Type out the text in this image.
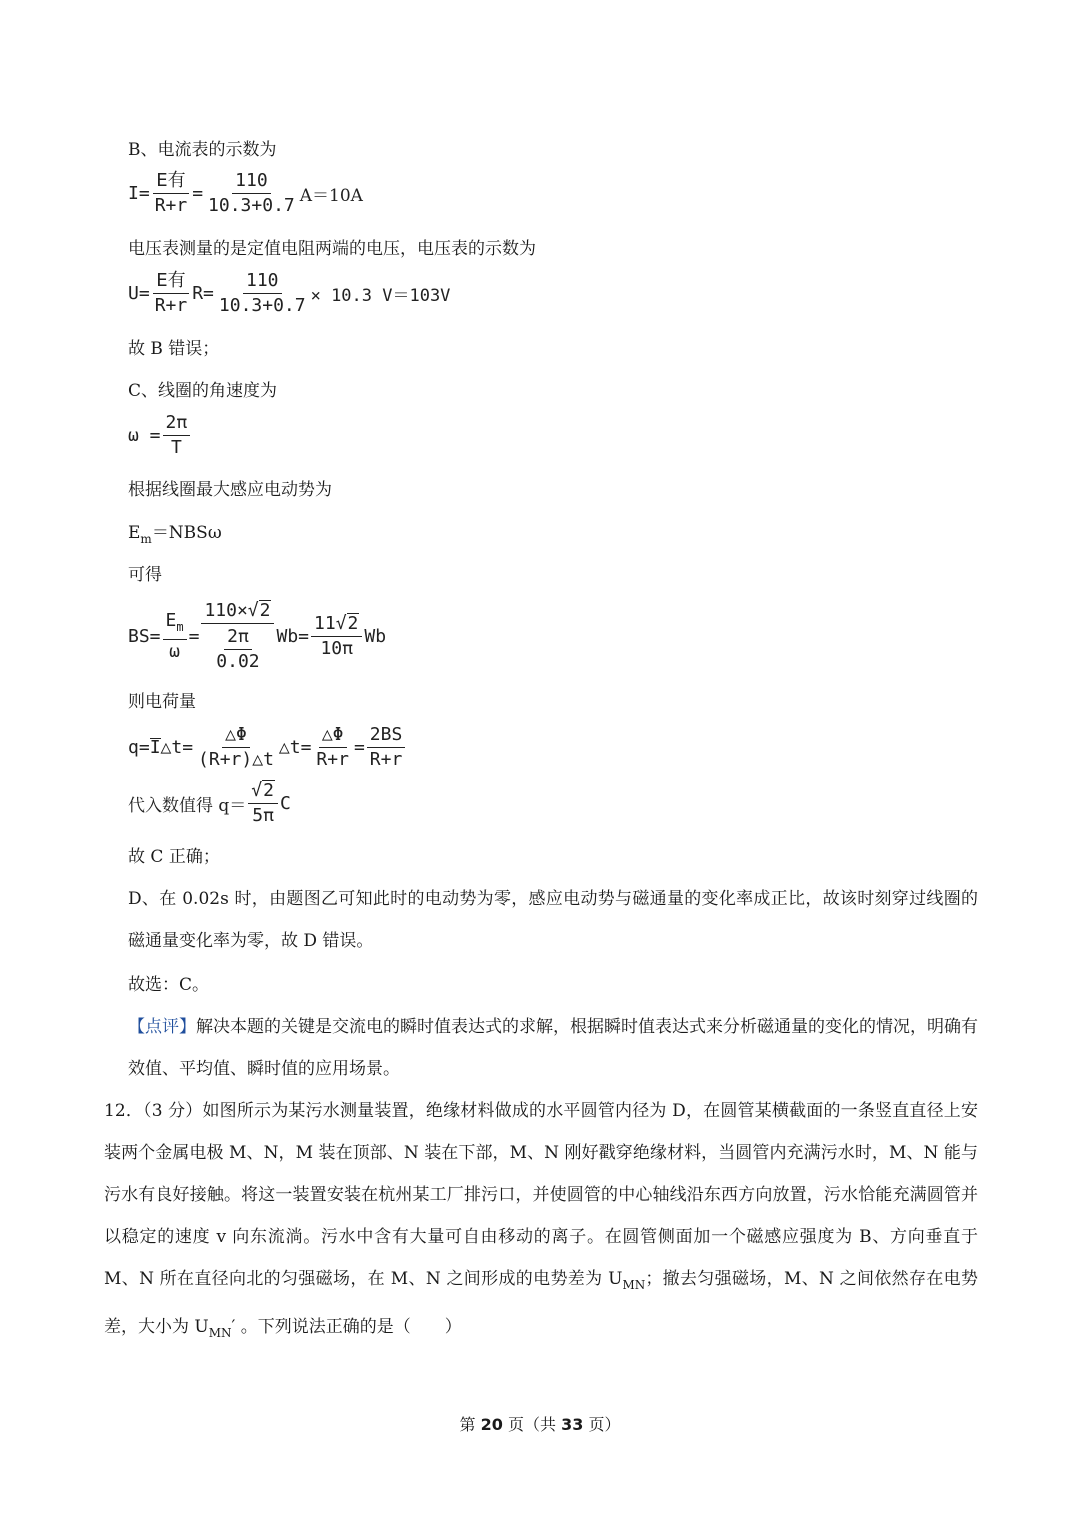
B、电流表的示数为
$I= \frac{\text{E有}}{R+r} = \frac{110}{10.3+0.7} A=10A$
电压表测量的是定值电阻两端的电压，电压表的示数为
$U= \frac{\text{E有}}{R+r} R= \frac{110}{10.3+0.7} \times 10.3$ V＝103V
故 B 错误；
C、线圈的角速度为
$\omega = \frac{2\pi}{T}$
根据线圈最大感应电动势为
$E_m=NBS\omega$
可得
$BS= \frac{E_m}{\omega} = \frac{110\times √ 2}{\frac{2\pi}{0.02}}$ $Wb = \frac{11 √ 2}{10\pi}$ Wb
则电荷量
q= I △t= $\frac{\triangle\Phi}{(R+r)\triangle t}$ △t= $\frac{\triangle\Phi}{R+r} = \frac{2BS}{R+r}$
代入数值得 $q= \frac{√ 2}{5\pi}$ C
故 C 正确；
D、在 0.02s 时，由题图乙可知此时的电动势为零，感应电动势与磁通量的变化率成正比，故该时刻穿过线圈的磁通量变化率为零，故 D 错误。
故选：C。
【点评】解决本题的关键是交流电的瞬时值表达式的求解，根据瞬时值表达式来分析磁通量的变化的情况，明确有效值、平均值、瞬时值的应用场景。
12．（3 分）如图所示为某污水测量装置，绝缘材料做成的水平圆管内径为 D，在圆管某横截面的一条竖直直径上安装两个金属电极 M、N，M 装在顶部、N 装在下部，M、N 刚好戳穿绝缘材料，当圆管内充满污水时，M、N 能与污水有良好接触。将这一装置安装在杭州某工厂排污口，并使圆管的中心轴线沿东西方向放置，污水恰能充满圆管并以稳定的速度 v 向东流淌。污水中含有大量可自由移动的离子。在圆管侧面加一个磁感应强度为 B、方向垂直于 M、N 所在直径向北的匀强磁场，在 M、N 之间形成的电势差为 $U_{MN}$；撤去匀强磁场，M、N 之间依然存在电势差，大小为 $U_{MN}'$ 。下列说法正确的是（　　）
第 20 页（共 33 页）
